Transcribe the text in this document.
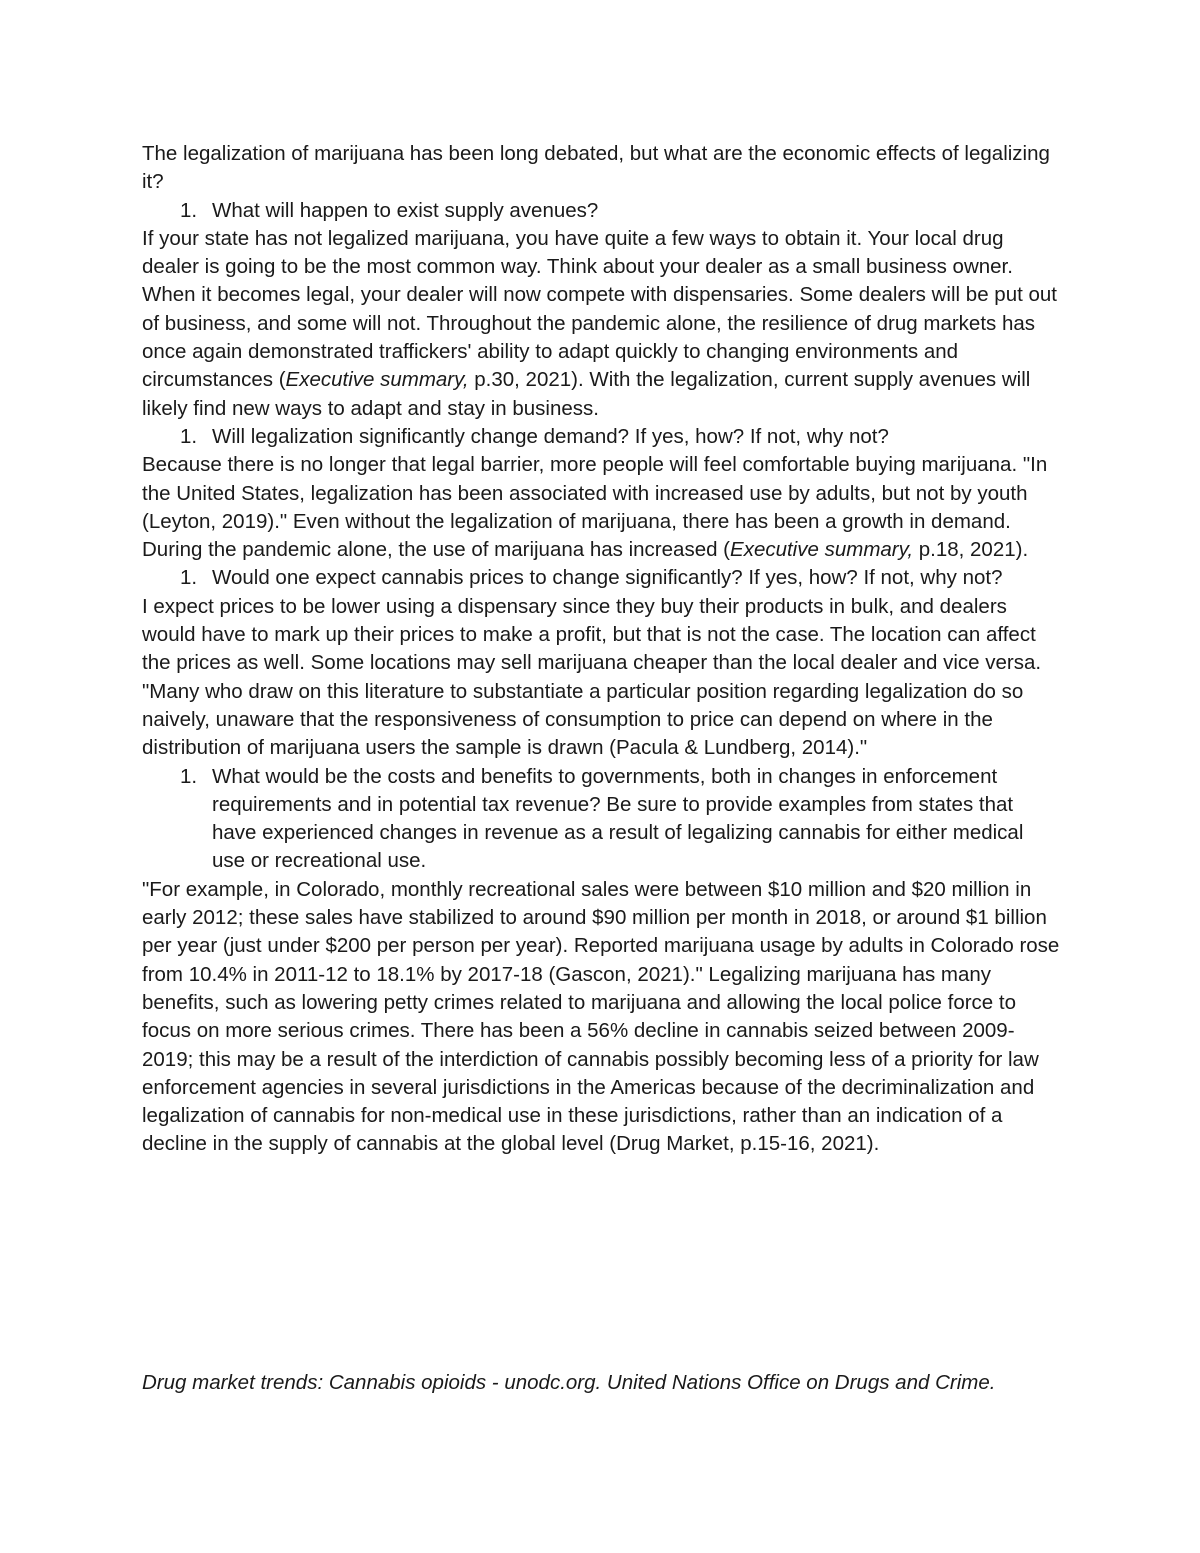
The legalization of marijuana has been long debated, but what are the economic effects of legalizing it?

1. What will happen to exist supply avenues?

If your state has not legalized marijuana, you have quite a few ways to obtain it. Your local drug dealer is going to be the most common way. Think about your dealer as a small business owner. When it becomes legal, your dealer will now compete with dispensaries. Some dealers will be put out of business, and some will not. Throughout the pandemic alone, the resilience of drug markets has once again demonstrated traffickers' ability to adapt quickly to changing environments and circumstances (Executive summary, p.30, 2021). With the legalization, current supply avenues will likely find new ways to adapt and stay in business.

1. Will legalization significantly change demand? If yes, how? If not, why not?

Because there is no longer that legal barrier, more people will feel comfortable buying marijuana. "In the United States, legalization has been associated with increased use by adults, but not by youth (Leyton, 2019)." Even without the legalization of marijuana, there has been a growth in demand. During the pandemic alone, the use of marijuana has increased (Executive summary, p.18, 2021).

1. Would one expect cannabis prices to change significantly? If yes, how? If not, why not?

I expect prices to be lower using a dispensary since they buy their products in bulk, and dealers would have to mark up their prices to make a profit, but that is not the case. The location can affect the prices as well. Some locations may sell marijuana cheaper than the local dealer and vice versa. "Many who draw on this literature to substantiate a particular position regarding legalization do so naively, unaware that the responsiveness of consumption to price can depend on where in the distribution of marijuana users the sample is drawn (Pacula & Lundberg, 2014)."

1. What would be the costs and benefits to governments, both in changes in enforcement requirements and in potential tax revenue? Be sure to provide examples from states that have experienced changes in revenue as a result of legalizing cannabis for either medical use or recreational use.

"For example, in Colorado, monthly recreational sales were between $10 million and $20 million in early 2012; these sales have stabilized to around $90 million per month in 2018, or around $1 billion per year (just under $200 per person per year). Reported marijuana usage by adults in Colorado rose from 10.4% in 2011-12 to 18.1% by 2017-18 (Gascon, 2021)." Legalizing marijuana has many benefits, such as lowering petty crimes related to marijuana and allowing the local police force to focus on more serious crimes. There has been a 56% decline in cannabis seized between 2009-2019; this may be a result of the interdiction of cannabis possibly becoming less of a priority for law enforcement agencies in several jurisdictions in the Americas because of the decriminalization and legalization of cannabis for non-medical use in these jurisdictions, rather than an indication of a decline in the supply of cannabis at the global level (Drug Market, p.15-16, 2021).

Drug market trends: Cannabis opioids - unodc.org. United Nations Office on Drugs and Crime.
